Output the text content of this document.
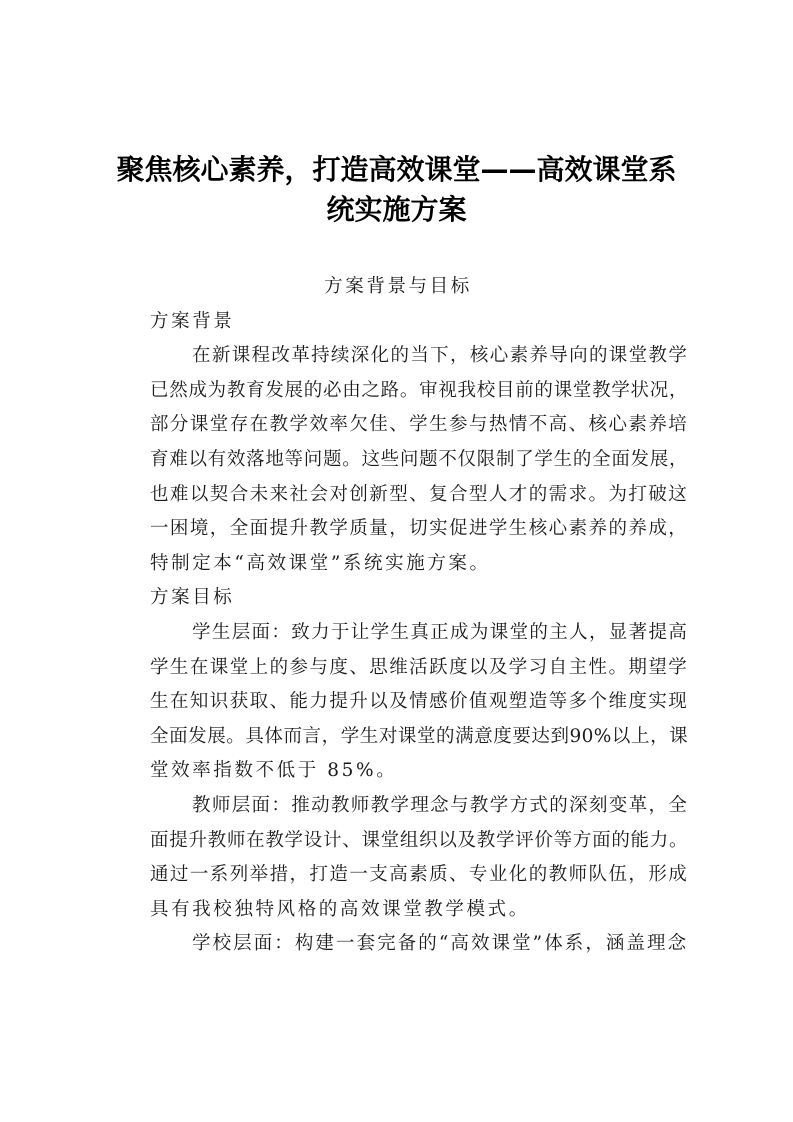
聚焦核心素养，打造高效课堂——高效课堂系
统实施方案
方案背景与目标
方案背景
在新课程改革持续深化的当下，核心素养导向的课堂教学
已然成为教育发展的必由之路。审视我校目前的课堂教学状况，
部分课堂存在教学效率欠佳、学生参与热情不高、核心素养培
育难以有效落地等问题。这些问题不仅限制了学生的全面发展，
也难以契合未来社会对创新型、复合型人才的需求。为打破这
一困境，全面提升教学质量，切实促进学生核心素养的养成，
特制定本“高效课堂”系统实施方案。
方案目标
学生层面：致力于让学生真正成为课堂的主人，显著提高
学生在课堂上的参与度、思维活跃度以及学习自主性。期望学
生在知识获取、能力提升以及情感价值观塑造等多个维度实现
全面发展。具体而言，学生对课堂的满意度要达到90%以上，课
堂效率指数不低于 85%。
教师层面：推动教师教学理念与教学方式的深刻变革，全
面提升教师在教学设计、课堂组织以及教学评价等方面的能力。
通过一系列举措，打造一支高素质、专业化的教师队伍，形成
具有我校独特风格的高效课堂教学模式。
学校层面：构建一套完备的“高效课堂”体系，涵盖理念
